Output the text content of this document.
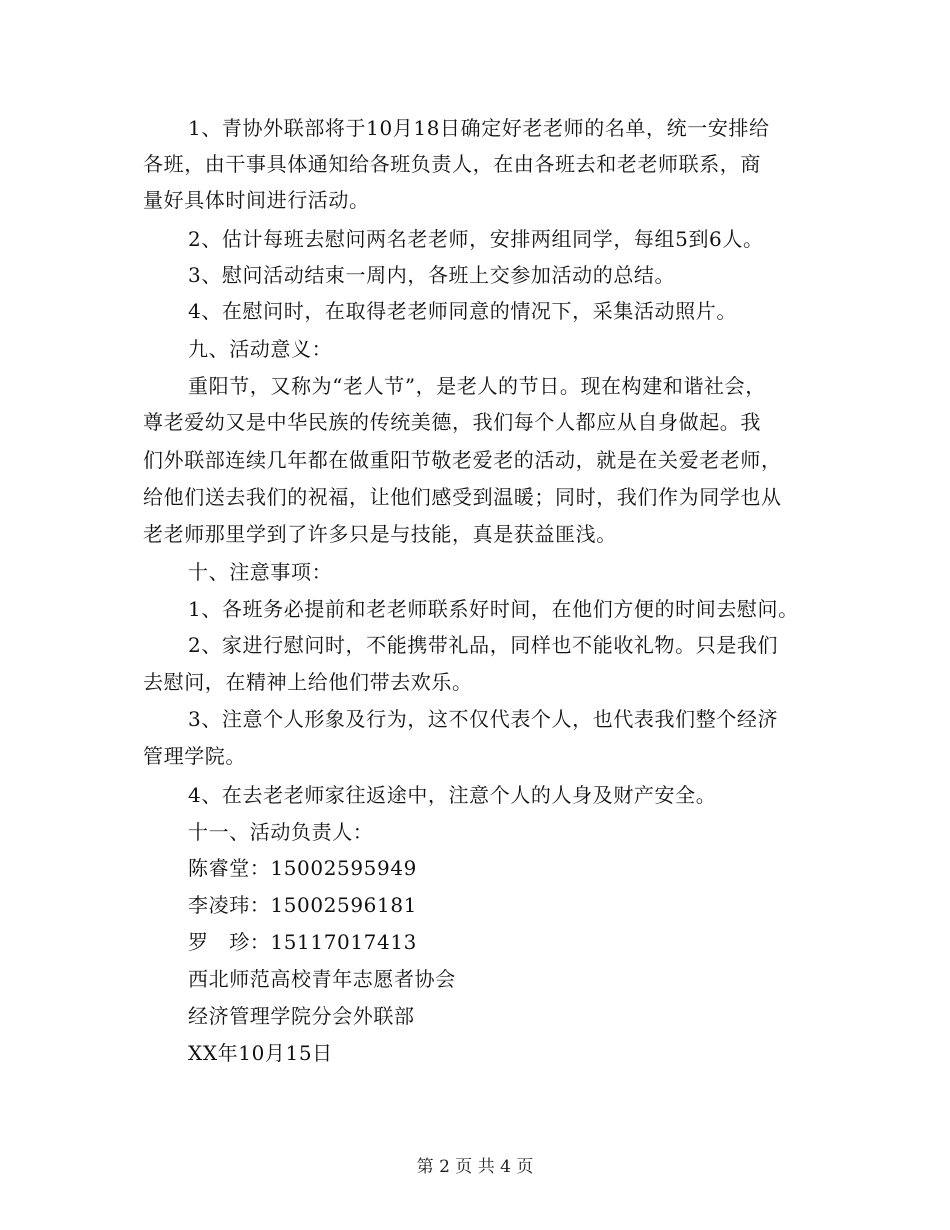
1、青协外联部将于10月18日确定好老老师的名单，统一安排给
各班，由干事具体通知给各班负责人，在由各班去和老老师联系，商
量好具体时间进行活动。
2、估计每班去慰问两名老老师，安排两组同学，每组5到6人。
3、慰问活动结束一周内，各班上交参加活动的总结。
4、在慰问时，在取得老老师同意的情况下，采集活动照片。
九、活动意义：
重阳节，又称为“老人节”，是老人的节日。现在构建和谐社会，
尊老爱幼又是中华民族的传统美德，我们每个人都应从自身做起。我
们外联部连续几年都在做重阳节敬老爱老的活动，就是在关爱老老师，
给他们送去我们的祝福，让他们感受到温暖；同时，我们作为同学也从
老老师那里学到了许多只是与技能，真是获益匪浅。
十、注意事项：
1、各班务必提前和老老师联系好时间，在他们方便的时间去慰问。
2、家进行慰问时，不能携带礼品，同样也不能收礼物。只是我们
去慰问，在精神上给他们带去欢乐。
3、注意个人形象及行为，这不仅代表个人，也代表我们整个经济
管理学院。
4、在去老老师家往返途中，注意个人的人身及财产安全。
十一、活动负责人：
陈睿堂：15002595949
李凌玮：15002596181
罗　珍：15117017413
西北师范高校青年志愿者协会
经济管理学院分会外联部
XX年10月15日
第 2 页 共 4 页
